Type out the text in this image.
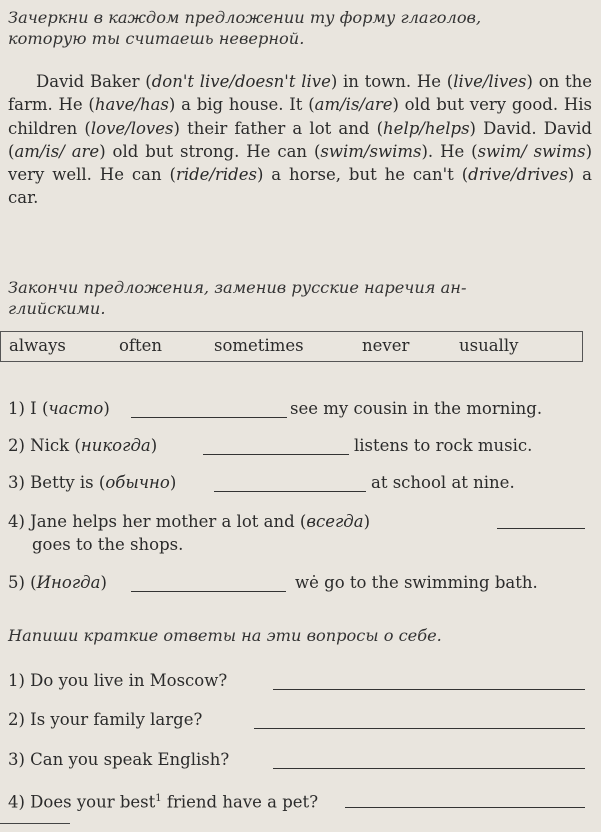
Зачеркни в каждом предложении ту форму глаголов,
которую ты считаешь неверной.
David Baker (don't live/doesn't live) in town. He (live/lives) on the farm. He (have/has) a big house. It (am/is/are) old but very good. His children (love/loves) their father a lot and (help/helps) David. David (am/is/ are) old but strong. He can (swim/swims). He (swim/ swims) very well. He can (ride/rides) a horse, but he can't (drive/drives) a car.
Закончи предложения, заменив русские наречия ан-
глийскими.
always	often	sometimes	never	usually
1) I (часто)	see my cousin in the morning.
2) Nick (никогда)	listens to rock music.
3) Betty is (обычно)	at school at nine.
4) Jane helps her mother a lot and (всегда)
goes to the shops.
5) (Иногда)	wė go to the swimming bath.
Напиши краткие ответы на эти вопросы о себе.
1) Do you live in Moscow?
2) Is your family large?
3) Can you speak English?
4) Does your best$^1$ friend have a pet?
